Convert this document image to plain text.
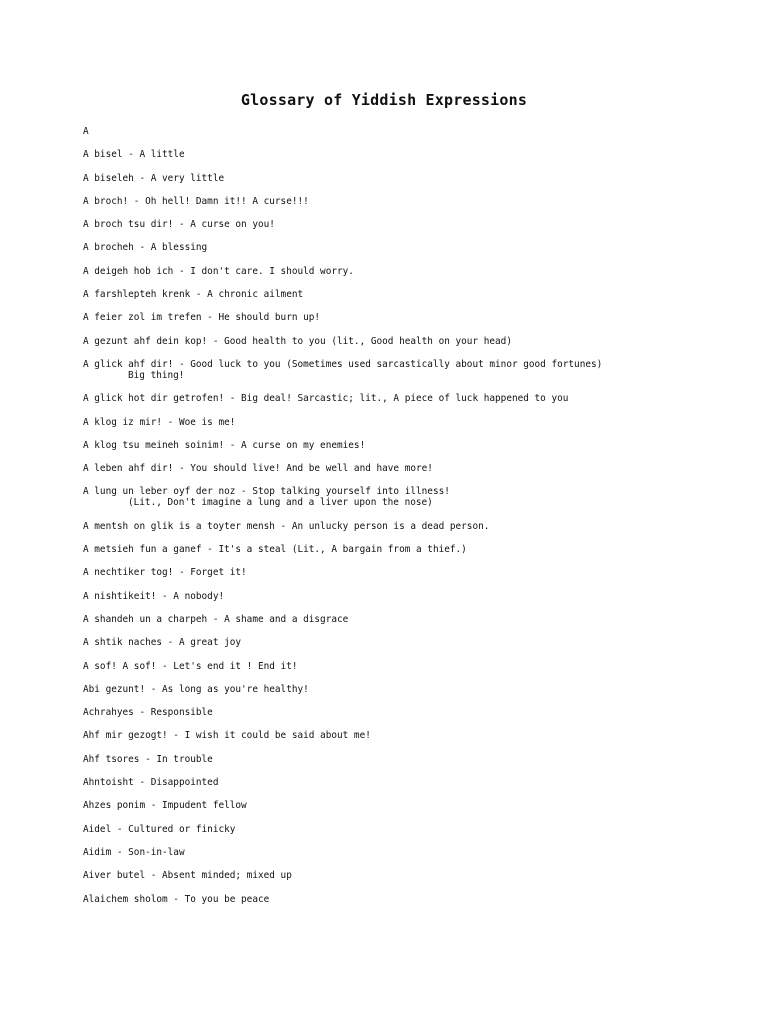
Glossary of Yiddish Expressions
A
A bisel - A little
A biseleh - A very little
A broch! - Oh hell! Damn it!! A curse!!!
A broch tsu dir! - A curse on you!
A brocheh - A blessing
A deigeh hob ich - I don't care. I should worry.
A farshlepteh krenk - A chronic ailment
A feier zol im trefen - He should burn up!
A gezunt ahf dein kop! - Good health to you (lit., Good health on your head)
A glick ahf dir! - Good luck to you (Sometimes used sarcastically about minor good fortunes)
Big thing!
A glick hot dir getrofen! - Big deal! Sarcastic; lit., A piece of luck happened to you
A klog iz mir! - Woe is me!
A klog tsu meineh soinim! - A curse on my enemies!
A leben ahf dir! - You should live! And be well and have more!
A lung un leber oyf der noz - Stop talking yourself into illness!
(Lit., Don't imagine a lung and a liver upon the nose)
A mentsh on glik is a toyter mensh - An unlucky person is a dead person.
A metsieh fun a ganef - It's a steal (Lit., A bargain from a thief.)
A nechtiker tog! - Forget it!
A nishtikeit! - A nobody!
A shandeh un a charpeh - A shame and a disgrace
A shtik naches - A great joy
A sof! A sof! - Let's end it ! End it!
Abi gezunt! - As long as you're healthy!
Achrahyes - Responsible
Ahf mir gezogt! - I wish it could be said about me!
Ahf tsores - In trouble
Ahntoisht - Disappointed
Ahzes ponim - Impudent fellow
Aidel - Cultured or finicky
Aidim - Son-in-law
Aiver butel - Absent minded; mixed up
Alaichem sholom - To you be peace
